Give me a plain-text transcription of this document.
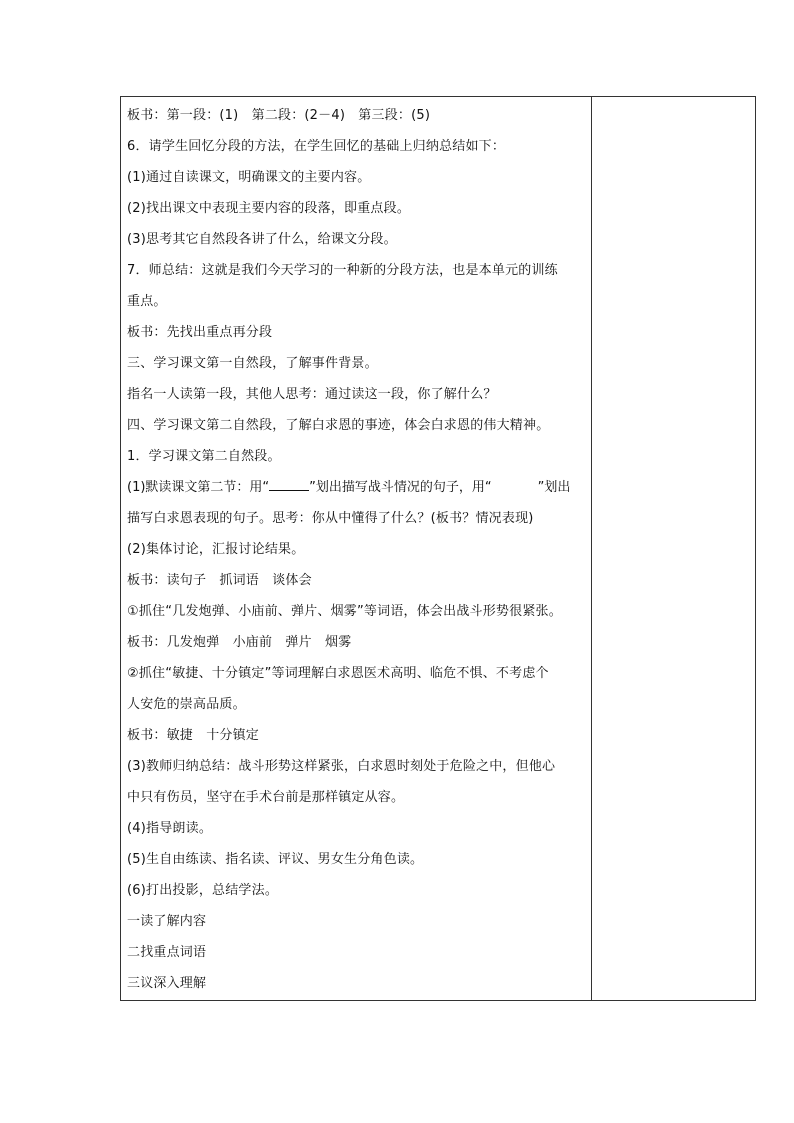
板书：第一段：(1)　第二段：(2－4)　第三段：(5)
6．请学生回忆分段的方法，在学生回忆的基础上归纳总结如下：
(1)通过自读课文，明确课文的主要内容。
(2)找出课文中表现主要内容的段落，即重点段。
(3)思考其它自然段各讲了什么，给课文分段。
7．师总结：这就是我们今天学习的一种新的分段方法，也是本单元的训练
重点。
板书：先找出重点再分段
三、学习课文第一自然段，了解事件背景。
指名一人读第一段，其他人思考：通过读这一段，你了解什么？
四、学习课文第二自然段，了解白求恩的事迹，体会白求恩的伟大精神。
1．学习课文第二自然段。
(1)默读课文第二节：用“	”划出描写战斗情况的句子，用“	”划出
描写白求恩表现的句子。思考：你从中懂得了什么？(板书？情况表现)
(2)集体讨论，汇报讨论结果。
板书：读句子　抓词语　谈体会
①抓住“几发炮弹、小庙前、弹片、烟雾”等词语，体会出战斗形势很紧张。
板书：几发炮弹　小庙前　弹片　烟雾
②抓住“敏捷、十分镇定”等词理解白求恩医术高明、临危不惧、不考虑个
人安危的崇高品质。
板书：敏捷　十分镇定
(3)教师归纳总结：战斗形势这样紧张，白求恩时刻处于危险之中，但他心
中只有伤员，坚守在手术台前是那样镇定从容。
(4)指导朗读。
(5)生自由练读、指名读、评议、男女生分角色读。
(6)打出投影，总结学法。
一读了解内容
二找重点词语
三议深入理解
